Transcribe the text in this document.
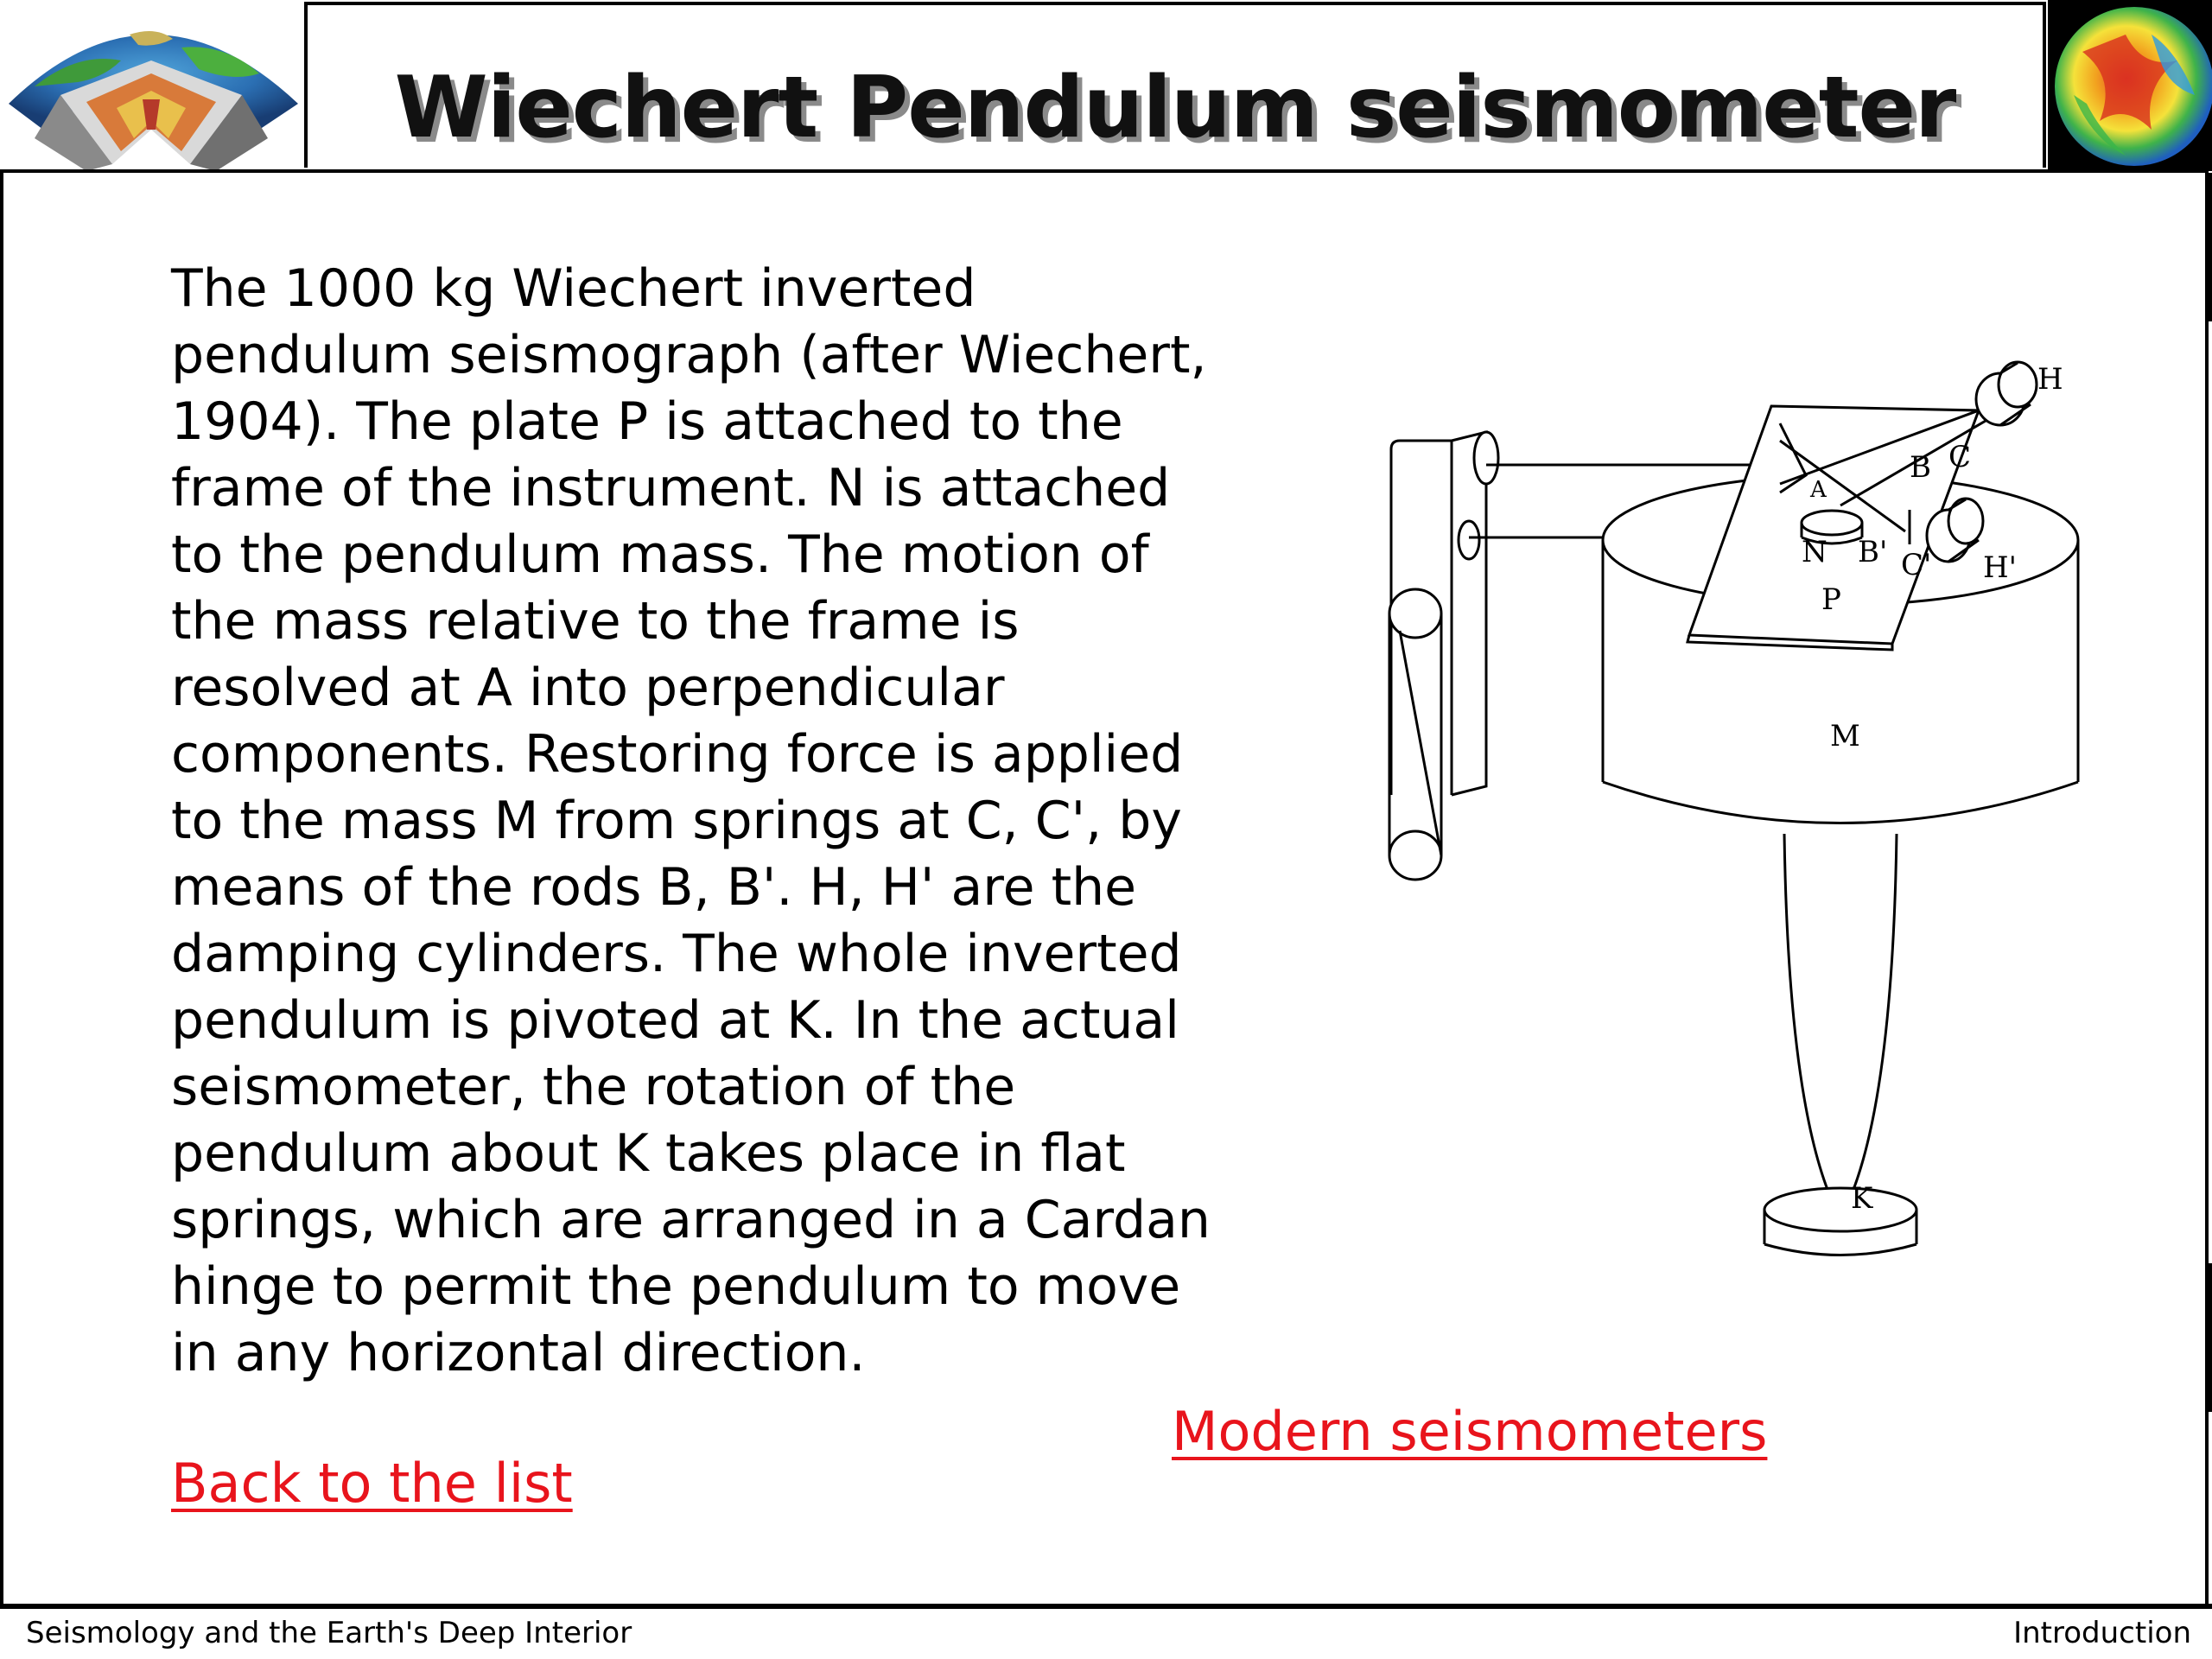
Wiechert Pendulum seismometer
The 1000 kg Wiechert inverted pendulum seismograph (after Wiechert, 1904). The plate P is attached to the frame of the instrument. N is attached to the pendulum mass. The motion of the mass relative to the frame is resolved at A into perpendicular components. Restoring force is applied to the mass M from springs at C, C', by means of the rods B, B'. H, H' are the damping cylinders. The whole inverted pendulum is pivoted at K. In the actual seismometer, the rotation of the pendulum about K takes place in flat springs, which are arranged in a Cardan hinge to permit the pendulum to move in any horizontal direction.
Modern seismometers
Back to the list
H
H'
B
B'
C
C'
A
N
P
M
K
Seismology and the Earth's Deep Interior	Introduction
